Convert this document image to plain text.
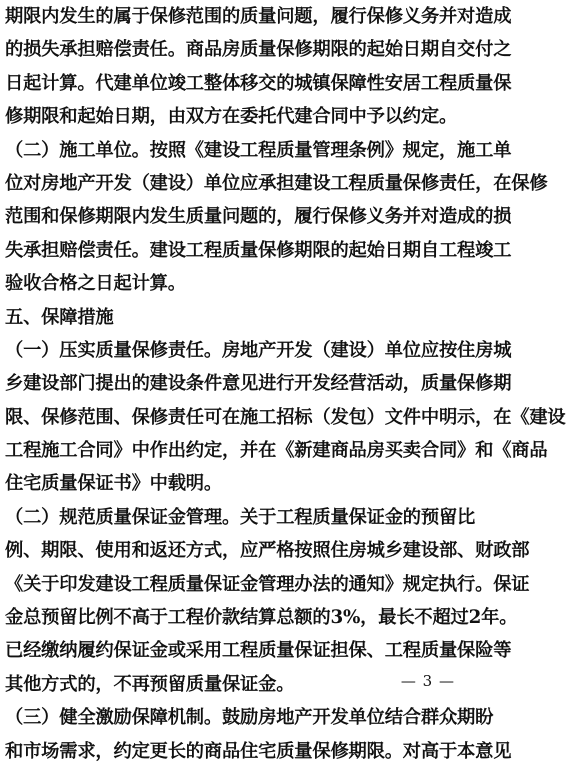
期限内发生的属于保修范围的质量问题，履行保修义务并对造成
的损失承担赔偿责任。商品房质量保修期限的起始日期自交付之
日起计算。代建单位竣工整体移交的城镇保障性安居工程质量保
修期限和起始日期，由双方在委托代建合同中予以约定。
（二）施工单位。按照《建设工程质量管理条例》规定，施工单
位对房地产开发（建设）单位应承担建设工程质量保修责任，在保修
范围和保修期限内发生质量问题的，履行保修义务并对造成的损
失承担赔偿责任。建设工程质量保修期限的起始日期自工程竣工
验收合格之日起计算。
五、保障措施
（一）压实质量保修责任。房地产开发（建设）单位应按住房城
乡建设部门提出的建设条件意见进行开发经营活动，质量保修期
限、保修范围、保修责任可在施工招标（发包）文件中明示，在《建设
工程施工合同》中作出约定，并在《新建商品房买卖合同》和《商品
住宅质量保证书》中载明。
（二）规范质量保证金管理。关于工程质量保证金的预留比
例、期限、使用和返还方式，应严格按照住房城乡建设部、财政部
《关于印发建设工程质量保证金管理办法的通知》规定执行。保证
金总预留比例不高于工程价款结算总额的3%，最长不超过2年。
已经缴纳履约保证金或采用工程质量保证担保、工程质量保险等
其他方式的，不再预留质量保证金。
（三）健全激励保障机制。鼓励房地产开发单位结合群众期盼
和市场需求，约定更长的商品住宅质量保修期限。对高于本意见
— 3 —
